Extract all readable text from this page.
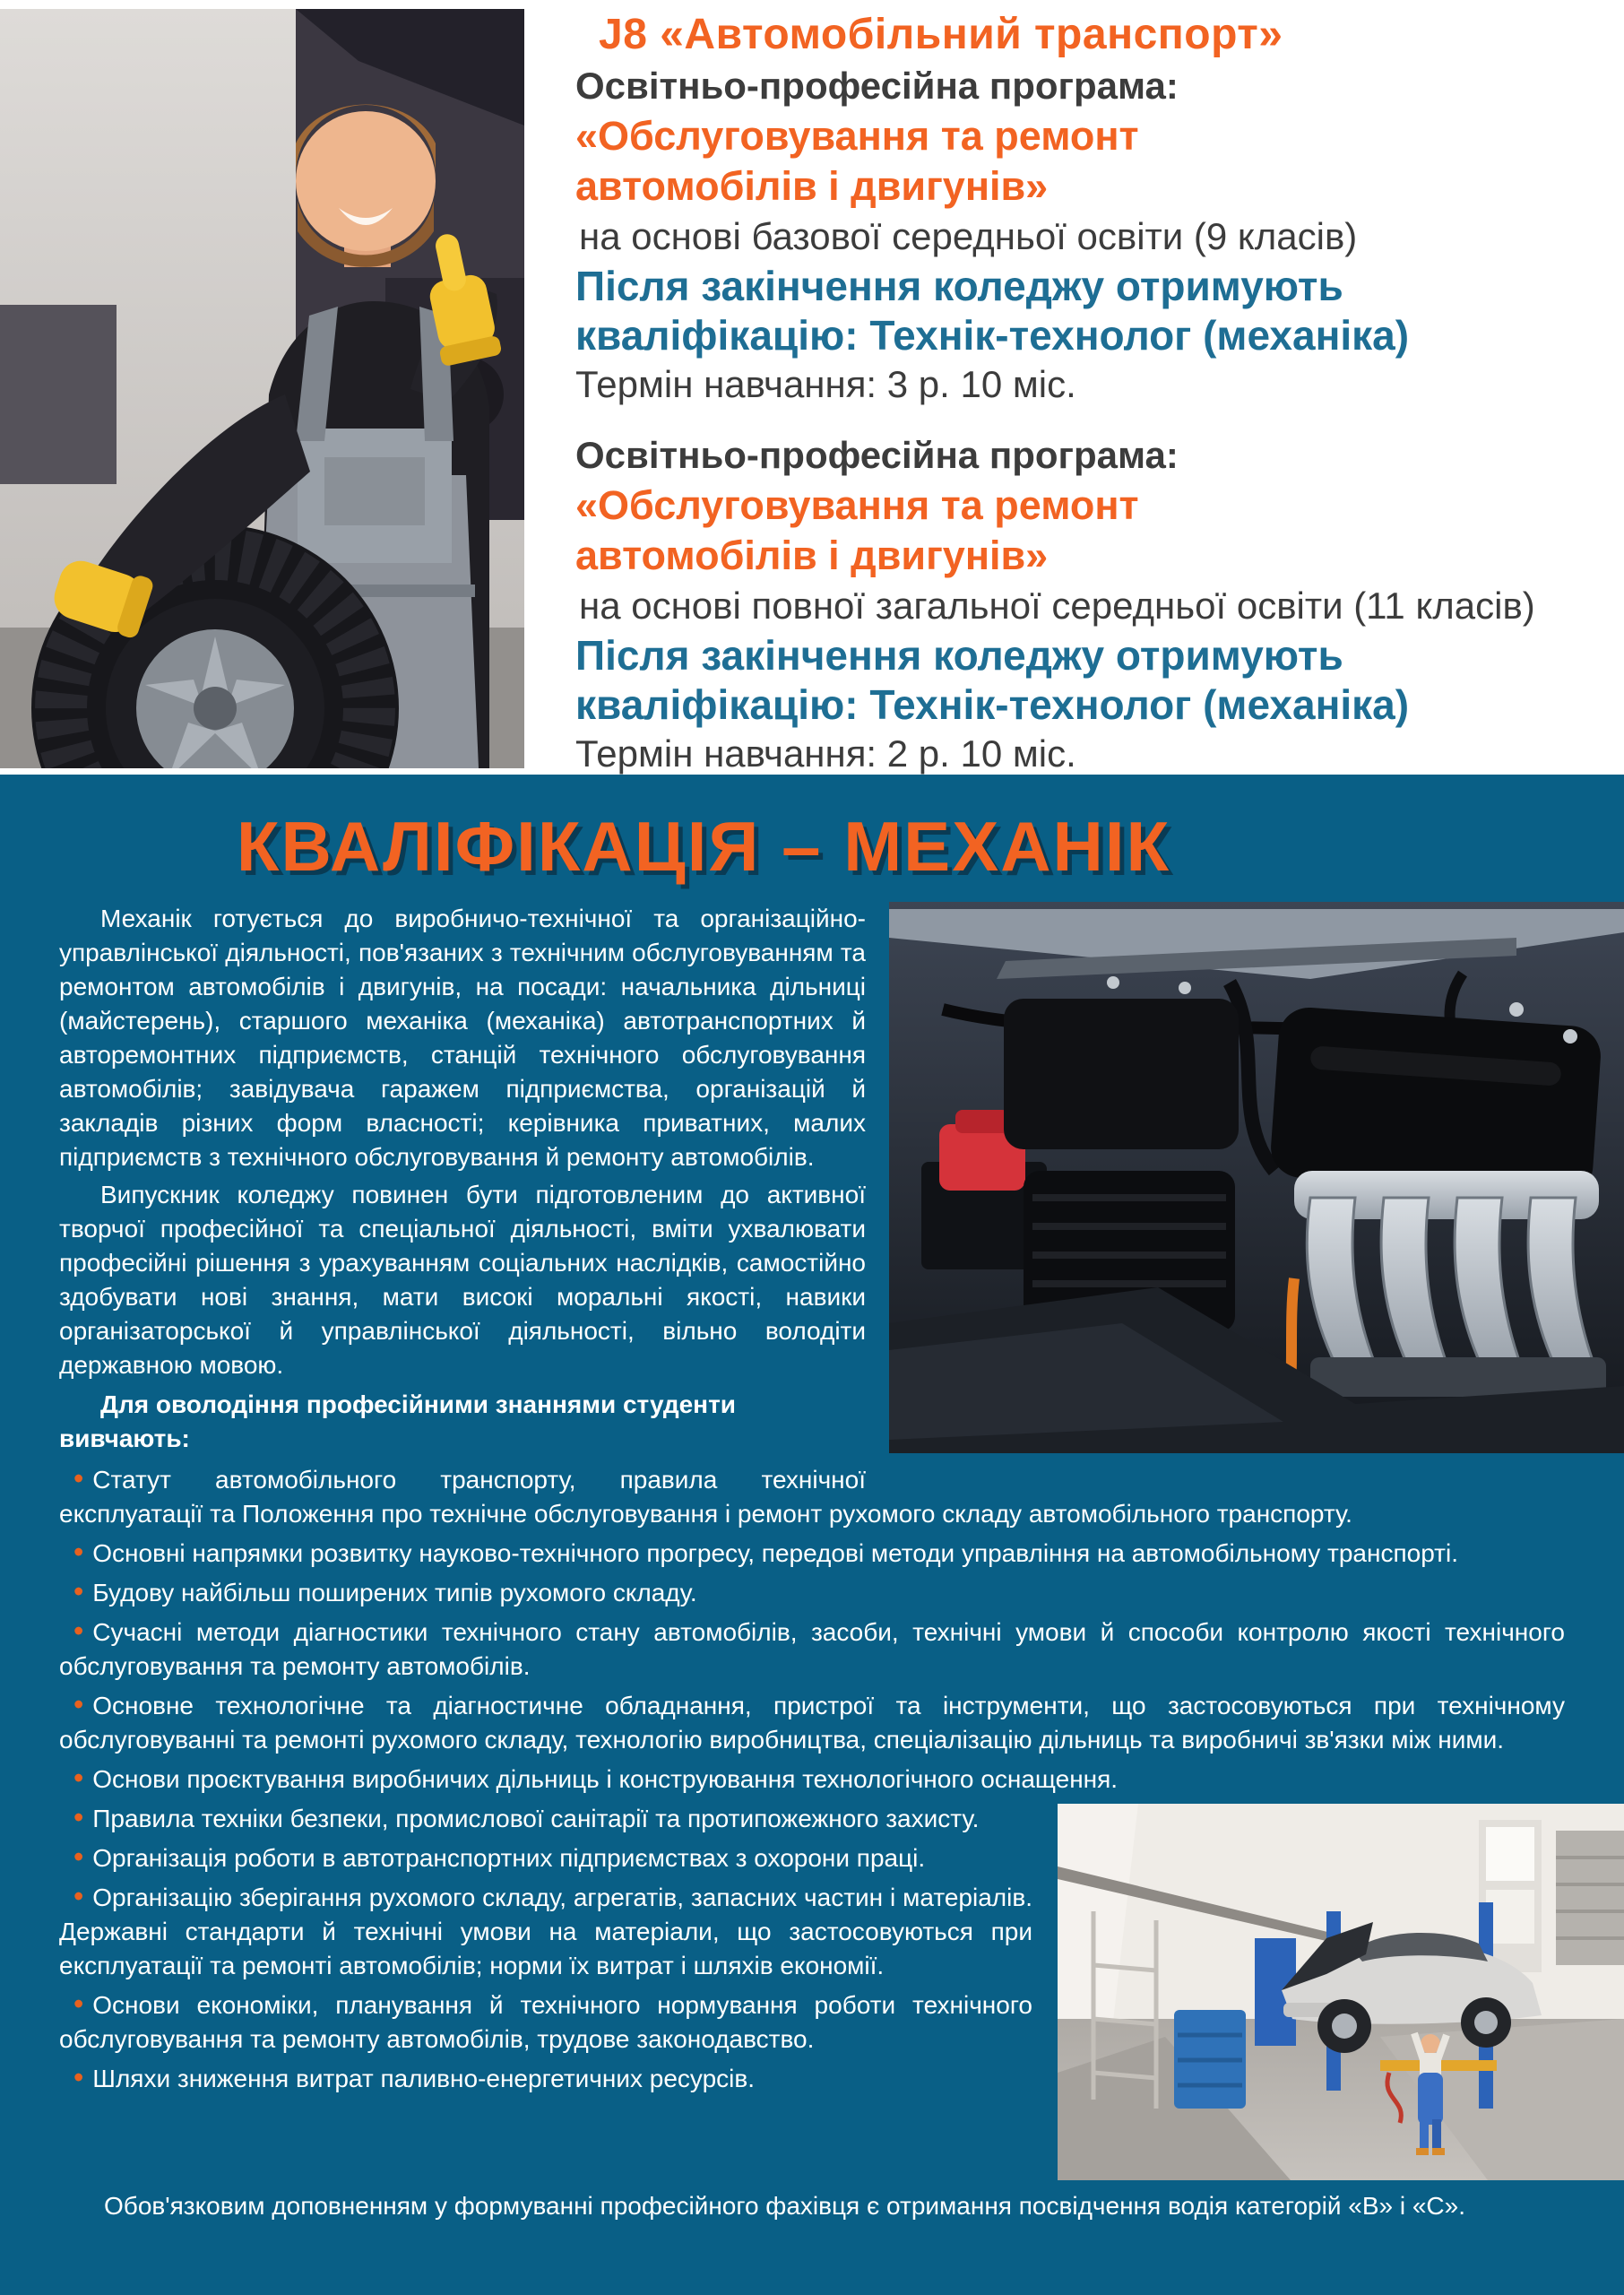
J8 «Автомобільний транспорт»
Освітньо-професійна програма:
«Обслуговування та ремонт
автомобілів і двигунів»
на основі базової середньої освіти (9 класів)
Після закінчення коледжу отримують
кваліфікацію: Технік-технолог (механіка)
Термін навчання: 3 р. 10 міс.
Освітньо-професійна програма:
«Обслуговування та ремонт
автомобілів і двигунів»
на основі повної загальної середньої освіти (11 класів)
Після закінчення коледжу отримують
кваліфікацію: Технік-технолог (механіка)
Термін навчання: 2 р. 10 міс.
КВАЛІФІКАЦІЯ – МЕХАНІК

Механік готується до виробничо-технічної та організаційно-управлінської діяльності, пов'язаних з технічним обслуговуванням та ремонтом автомобілів і двигунів, на посади: начальника дільниці (майстерень), старшого механіка (механіка) автотранспортних й авторемонтних підприємств, станцій технічного обслуговування автомобілів; завідувача гаражем підприємства, організацій й закладів різних форм власності; керівника приватних, малих підприємств з технічного обслуговування й ремонту автомобілів.

Випускник коледжу повинен бути підготовленим до активної творчої професійної та спеціальної діяльності, вміти ухвалювати професійні рішення з урахуванням соціальних наслідків, самостійно здобувати нові знання, мати високі моральні якості, навики організаторської й управлінської діяльності, вільно володіти державною мовою.

Для оволодіння професійними знаннями студенти вивчають:

• Статут автомобільного транспорту, правила технічної експлуатації та Положення про технічне обслуговування і ремонт рухомого складу автомобільного транспорту.

• Основні напрямки розвитку науково-технічного прогресу, передові методи управління на автомобільному транспорті.

• Будову найбільш поширених типів рухомого складу.

• Сучасні методи діагностики технічного стану автомобілів, засоби, технічні умови й способи контролю якості технічного обслуговування та ремонту автомобілів.

• Основне технологічне та діагностичне обладнання, пристрої та інструменти, що застосовуються при технічному обслуговуванні та ремонті рухомого складу, технологію виробництва, спеціалізацію дільниць та виробничі зв'язки між ними.

• Основи проєктування виробничих дільниць і конструювання технологічного оснащення.

• Правила техніки безпеки, промислової санітарії та протипожежного захисту.

• Організація роботи в автотранспортних підприємствах з охорони праці.

• Організацію зберігання рухомого складу, агрегатів, запасних частин і матеріалів. Державні стандарти й технічні умови на матеріали, що застосовуються при експлуатації та ремонті автомобілів; норми їх витрат і шляхів економії.

• Основи економіки, планування й технічного нормування роботи технічного обслуговування та ремонту автомобілів, трудове законодавство.

• Шляхи зниження витрат паливно-енергетичних ресурсів.

Обов'язковим доповненням у формуванні професійного фахівця є отримання посвідчення водія категорій «В» і «С».
